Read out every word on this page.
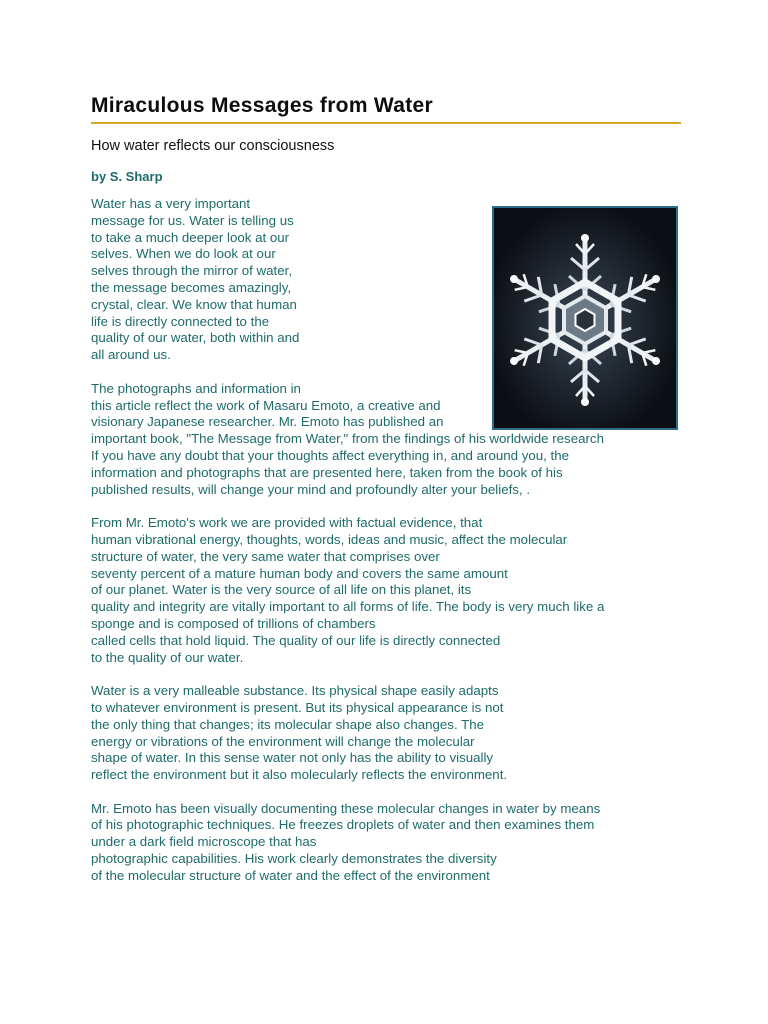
Miraculous Messages from Water

How water reflects our consciousness

by S. Sharp

Water has a very important
message for us. Water is telling us
to take a much deeper look at our
selves. When we do look at our
selves through the mirror of water,
the message becomes amazingly,
crystal, clear. We know that human
life is directly connected to the
quality of our water, both within and
all around us.

The photographs and information in
this article reflect the work of Masaru Emoto, a creative and
visionary Japanese researcher. Mr. Emoto has published an
important book, "The Message from Water," from the findings of his worldwide research
If you have any doubt that your thoughts affect everything in, and around you, the
information and photographs that are presented here, taken from the book of his
published results, will change your mind and profoundly alter your beliefs, .

From Mr. Emoto's work we are provided with factual evidence, that
human vibrational energy, thoughts, words, ideas and music, affect the molecular
structure of water, the very same water that comprises over
seventy percent of a mature human body and covers the same amount
of our planet. Water is the very source of all life on this planet, its
quality and integrity are vitally important to all forms of life. The body is very much like a
sponge and is composed of trillions of chambers
called cells that hold liquid. The quality of our life is directly connected
to the quality of our water.

Water is a very malleable substance. Its physical shape easily adapts
to whatever environment is present. But its physical appearance is not
the only thing that changes; its molecular shape also changes. The
energy or vibrations of the environment will change the molecular
shape of water. In this sense water not only has the ability to visually
reflect the environment but it also molecularly reflects the environment.

Mr. Emoto has been visually documenting these molecular changes in water by means
of his photographic techniques. He freezes droplets of water and then examines them
under a dark field microscope that has
photographic capabilities. His work clearly demonstrates the diversity
of the molecular structure of water and the effect of the environment
